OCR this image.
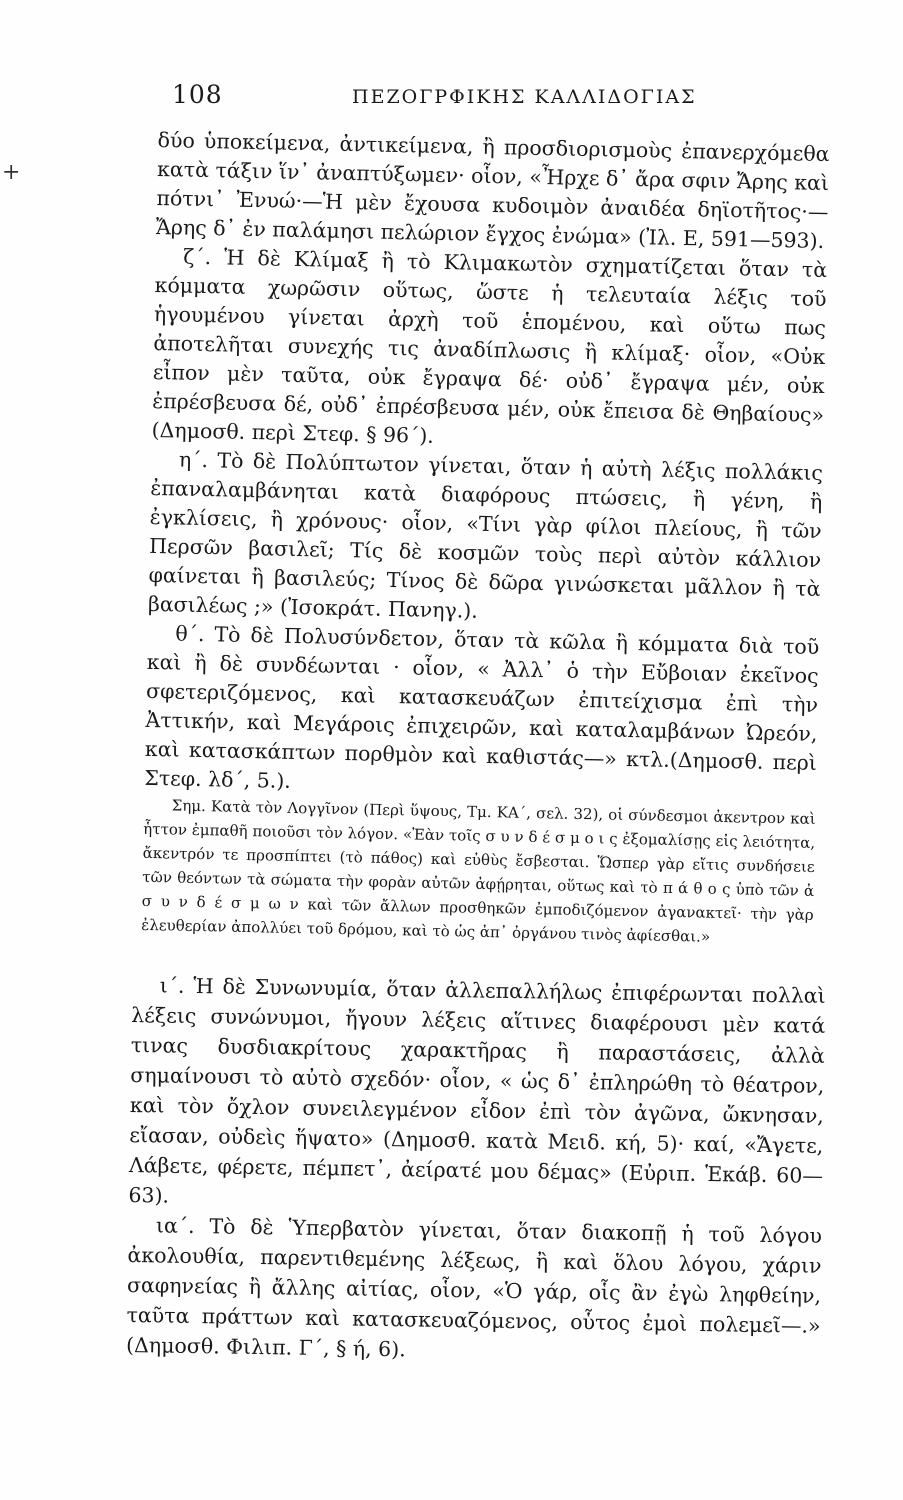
+
108	ΠΕΖΟΓΡΦΙΚΗΣ ΚΑΛΛΙΔΟΓΙΑΣ

δύο ὑποκείμενα, ἀντικείμενα, ἢ προσδιορισμοὺς ἐπανερχόμεθα κατὰ τάξιν ἵν᾽ ἀναπτύξωμεν· οἷον, «Ἦρχε δ᾽ ἄρα σφιν Ἄρης καὶ πότνι᾽ Ἐνυώ·—Ἡ μὲν ἔχουσα κυδοιμὸν ἀναιδέα δηϊοτῆτος·—Ἄρης δ᾽ ἐν παλάμησι πελώριον ἔγχος ἐνώμα» (Ἰλ. Ε, 591—593).

ζ΄. Ἡ δὲ Κλίμαξ ἢ τὸ Κλιμακωτὸν σχηματίζεται ὅταν τὰ κόμματα χωρῶσιν οὕτως, ὥστε ἡ τελευταία λέξις τοῦ ἡγουμένου γίνεται ἀρχὴ τοῦ ἑπομένου, καὶ οὕτω πως ἀποτελῆται συνεχής τις ἀναδίπλωσις ἢ κλίμαξ· οἷον, «Οὐκ εἶπον μὲν ταῦτα, οὐκ ἔγραψα δέ· οὐδ᾽ ἔγραψα μέν, οὐκ ἐπρέσβευσα δέ, οὐδ᾽ ἐπρέσβευσα μέν, οὐκ ἔπεισα δὲ Θηβαίους» (Δημοσθ. περὶ Στεφ. § 96΄).

η΄. Τὸ δὲ Πολύπτωτον γίνεται, ὅταν ἡ αὐτὴ λέξις πολλάκις ἐπαναλαμβάνηται κατὰ διαφόρους πτώσεις, ἢ γένη, ἢ ἐγκλίσεις, ἢ χρόνους· οἷον, «Τίνι γὰρ φίλοι πλείους, ἢ τῶν Περσῶν βασιλεῖ; Τίς δὲ κοσμῶν τοὺς περὶ αὐτὸν κάλλιον φαίνεται ἢ βασιλεύς; Τίνος δὲ δῶρα γινώσκεται μᾶλλον ἢ τὰ βασιλέως ;» (Ἰσοκράτ. Πανηγ.).

θ΄. Τὸ δὲ Πολυσύνδετον, ὅταν τὰ κῶλα ἢ κόμματα διὰ τοῦ καὶ ἢ δὲ συνδέωνται · οἷον, « Ἀλλ᾽ ὁ τὴν Εὔβοιαν ἐκεῖνος σφετεριζόμενος, καὶ κατασκευάζων ἐπιτείχισμα ἐπὶ τὴν Ἀττικήν, καὶ Μεγάροις ἐπιχειρῶν, καὶ καταλαμβάνων Ὠρεόν, καὶ κατασκάπτων πορθμὸν καὶ καθιστάς—» κτλ.(Δημοσθ. περὶ Στεφ. λδ΄, 5.).

Σημ. Κατὰ τὸν Λογγῖνον (Περὶ ὕψους, Τμ. ΚΑ΄, σελ. 32), οἱ σύνδεσμοι ἀκεντρον καὶ ἧττον ἐμπαθῆ ποιοῦσι τὸν λόγον. «Ἐὰν τοῖς σ υ ν δ έ σ μ ο ι ς ἐξομαλίσῃς εἰς λειότητα, ἄκεντρόν τε προσπίπτει (τὸ πάθος) καὶ εὐθὺς ἔσβεσται. Ὥσπερ γὰρ εἴτις συνδήσειε τῶν θεόντων τὰ σώματα τὴν φορὰν αὐτῶν ἀφῄρηται, οὕτως καὶ τὸ π ά θ ο ς ὑπὸ τῶν ἀ σ υ ν δ έ σ μ ω ν καὶ τῶν ἄλλων προσθηκῶν ἐμποδιζόμενον ἀγανακτεῖ· τὴν γὰρ ἐλευθερίαν ἀπολλύει τοῦ δρόμου, καὶ τὸ ὡς ἀπ᾽ ὀργάνου τινὸς ἀφίεσθαι.»

ι΄. Ἡ δὲ Συνωνυμία, ὅταν ἀλλεπαλλήλως ἐπιφέρωνται πολλαὶ λέξεις συνώνυμοι, ἤγουν λέξεις αἵτινες διαφέρουσι μὲν κατά τινας δυσδιακρίτους χαρακτῆρας ἢ παραστάσεις, ἀλλὰ σημαίνουσι τὸ αὐτὸ σχεδόν· οἷον, « ὡς δ᾽ ἐπληρώθη τὸ θέατρον, καὶ τὸν ὄχλον συνειλεγμένον εἶδον ἐπὶ τὸν ἀγῶνα, ὤκνησαν, εἴασαν, οὐδεὶς ἥψατο» (Δημοσθ. κατὰ Μειδ. κή, 5)· καί, «Ἄγετε, Λάβετε, φέρετε, πέμπετ᾽, ἀείρατέ μου δέμας» (Εὐριπ. Ἑκάβ. 60—63).

ια΄. Τὸ δὲ Ὑπερβατὸν γίνεται, ὅταν διακοπῇ ἡ τοῦ λόγου ἀκολουθία, παρεντιθεμένης λέξεως, ἢ καὶ ὅλου λόγου, χάριν σαφηνείας ἢ ἄλλης αἰτίας, οἷον, «Ὁ γάρ, οἷς ἂν ἐγὼ ληφθείην, ταῦτα πράττων καὶ κατασκευαζόμενος, οὗτος ἐμοὶ πολεμεῖ—.» (Δημοσθ. Φιλιπ. Γ΄, § ή, 6).
